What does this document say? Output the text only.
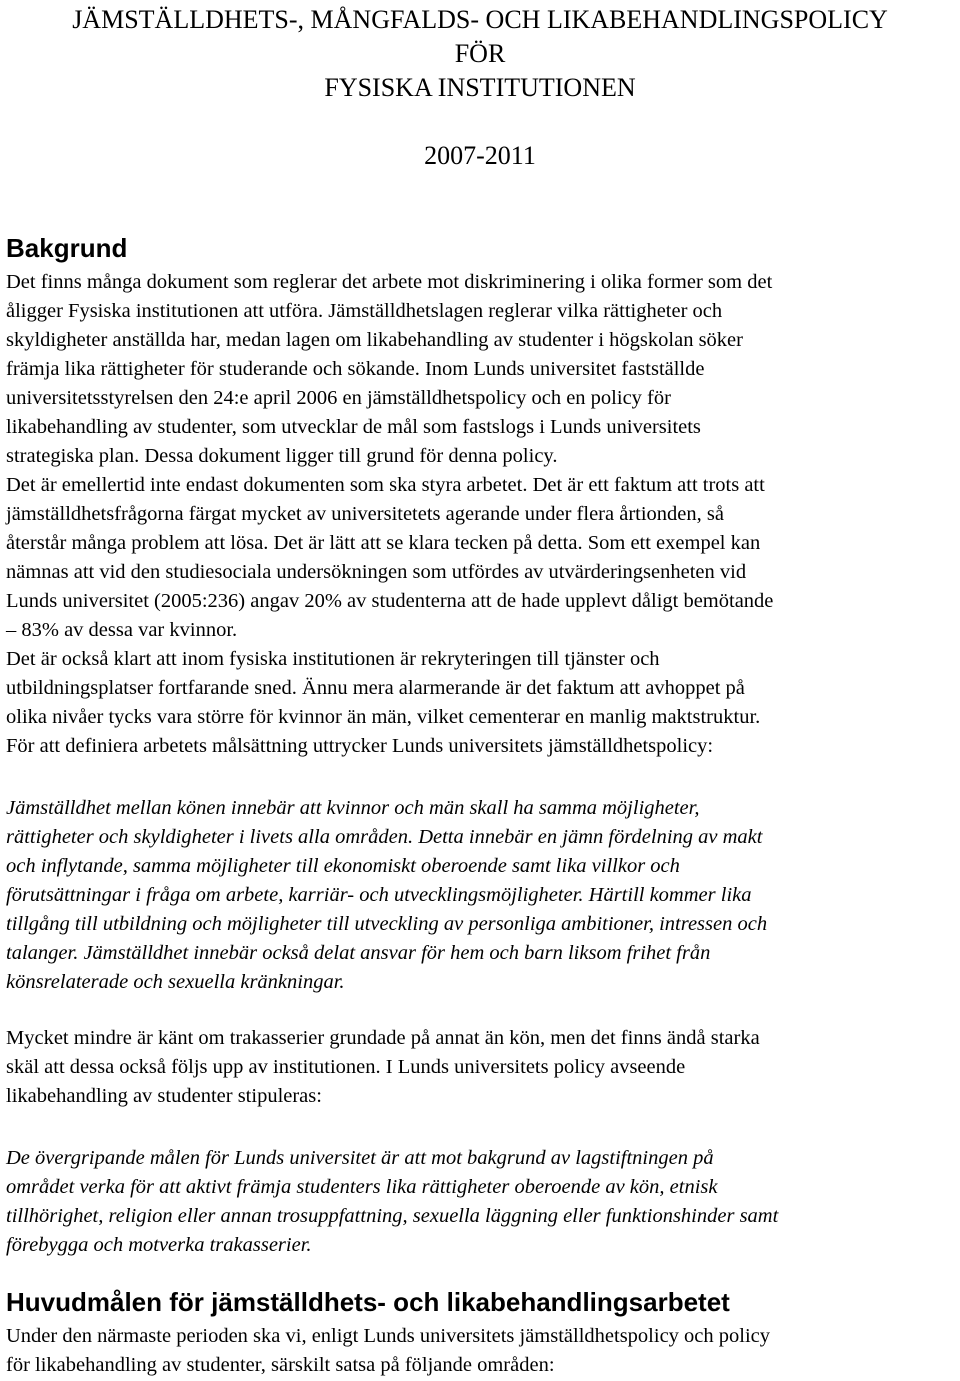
JÄMSTÄLLDHETS-, MÅNGFALDS- OCH LIKABEHANDLINGSPOLICY
FÖR
FYSISKA INSTITUTIONEN
2007-2011
Bakgrund
Det finns många dokument som reglerar det arbete mot diskriminering i olika former som det
åligger Fysiska institutionen att utföra. Jämställdhetslagen reglerar vilka rättigheter och
skyldigheter anställda har, medan lagen om likabehandling av studenter i högskolan söker
främja lika rättigheter för studerande och sökande. Inom Lunds universitet fastställde
universitetsstyrelsen den 24:e april 2006 en jämställdhetspolicy och en policy för
likabehandling av studenter, som utvecklar de mål som fastslogs i Lunds universitets
strategiska plan. Dessa dokument ligger till grund för denna policy.
Det är emellertid inte endast dokumenten som ska styra arbetet. Det är ett faktum att trots att
jämställdhetsfrågorna färgat mycket av universitetets agerande under flera årtionden, så
återstår många problem att lösa. Det är lätt att se klara tecken på detta. Som ett exempel kan
nämnas att vid den studiesociala undersökningen som utfördes av utvärderingsenheten vid
Lunds universitet (2005:236) angav 20% av studenterna att de hade upplevt dåligt bemötande
– 83% av dessa var kvinnor.
Det är också klart att inom fysiska institutionen är rekryteringen till tjänster och
utbildningsplatser fortfarande sned. Ännu mera alarmerande är det faktum att avhoppet på
olika nivåer tycks vara större för kvinnor än män, vilket cementerar en manlig maktstruktur.
För att definiera arbetets målsättning uttrycker Lunds universitets jämställdhetspolicy:
Jämställdhet mellan könen innebär att kvinnor och män skall ha samma möjligheter,
rättigheter och skyldigheter i livets alla områden. Detta innebär en jämn fördelning av makt
och inflytande, samma möjligheter till ekonomiskt oberoende samt lika villkor och
förutsättningar i fråga om arbete, karriär- och utvecklingsmöjligheter. Härtill kommer lika
tillgång till utbildning och möjligheter till utveckling av personliga ambitioner, intressen och
talanger. Jämställdhet innebär också delat ansvar för hem och barn liksom frihet från
könsrelaterade och sexuella kränkningar.
Mycket mindre är känt om trakasserier grundade på annat än kön, men det finns ändå starka
skäl att dessa också följs upp av institutionen. I Lunds universitets policy avseende
likabehandling av studenter stipuleras:
De övergripande målen för Lunds universitet är att mot bakgrund av lagstiftningen på
området verka för att aktivt främja studenters lika rättigheter oberoende av kön, etnisk
tillhörighet, religion eller annan trosuppfattning, sexuella läggning eller funktionshinder samt
förebygga och motverka trakasserier.
Huvudmålen för jämställdhets- och likabehandlingsarbetet
Under den närmaste perioden ska vi, enligt Lunds universitets jämställdhetspolicy och policy
för likabehandling av studenter, särskilt satsa på följande områden:
